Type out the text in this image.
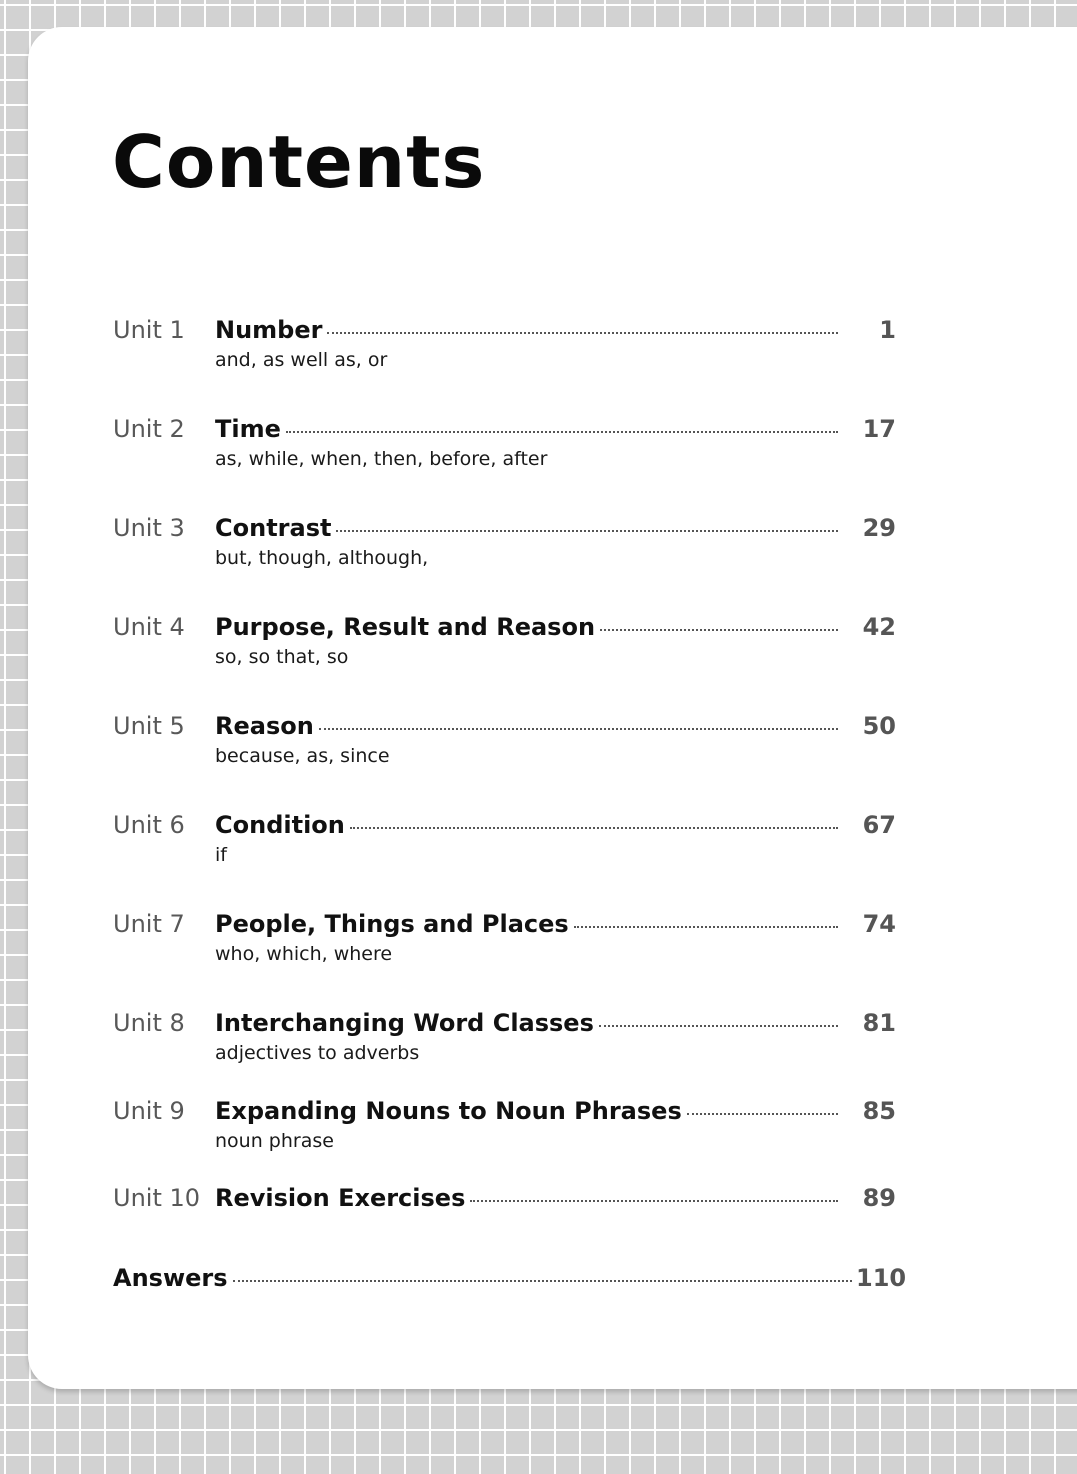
Contents
Unit 1 Number	1
and, as well as, or
Unit 2 Time	17
as, while, when, then, before, after
Unit 3 Contrast	29
but, though, although,
Unit 4 Purpose, Result and Reason	42
so, so that, so
Unit 5 Reason	50
because, as, since
Unit 6 Condition	67
if
Unit 7 People, Things and Places	74
who, which, where
Unit 8 Interchanging Word Classes	81
adjectives to adverbs
Unit 9 Expanding Nouns to Noun Phrases	85
noun phrase
Unit 10 Revision Exercises	89
Answers	110
